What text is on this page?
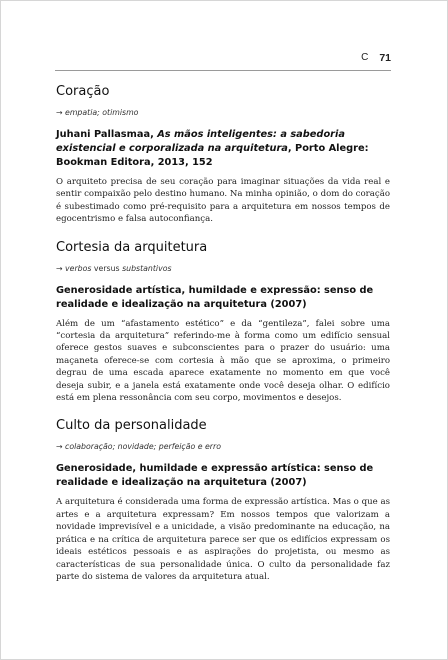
C 71
Coração

→ empatia; otimismo

Juhani Pallasmaa, As mãos inteligentes: a sabedoria existencial e corporalizada na arquitetura, Porto Alegre: Bookman Editora, 2013, 152

O arquiteto precisa de seu coração para imaginar situações da vida real e sentir compaixão pelo destino humano. Na minha opinião, o dom do coração é subestimado como pré-requisito para a arquitetura em nossos tempos de egocentrismo e falsa autoconfiança.

Cortesia da arquitetura

→ verbos versus substantivos

Generosidade artística, humildade e expressão: senso de realidade e idealização na arquitetura (2007)

Além de um “afastamento estético” e da “gentileza”, falei sobre uma “cortesia da arquitetura” referindo-me à forma como um edifício sensual oferece gestos suaves e subconscientes para o prazer do usuário: uma maçaneta oferece-se com cortesia à mão que se aproxima, o primeiro degrau de uma escada aparece exatamente no momento em que você deseja subir, e a janela está exatamente onde você deseja olhar. O edifício está em plena ressonância com seu corpo, movimentos e desejos.

Culto da personalidade

→ colaboração; novidade; perfeição e erro

Generosidade, humildade e expressão artística: senso de realidade e idealização na arquitetura (2007)

A arquitetura é considerada uma forma de expressão artística. Mas o que as artes e a arquitetura expressam? Em nossos tempos que valorizam a novidade imprevisível e a unicidade, a visão predominante na educação, na prática e na crítica de arquitetura parece ser que os edifícios expressam os ideais estéticos pessoais e as aspirações do projetista, ou mesmo as características de sua personalidade única. O culto da personalidade faz parte do sistema de valores da arquitetura atual.
